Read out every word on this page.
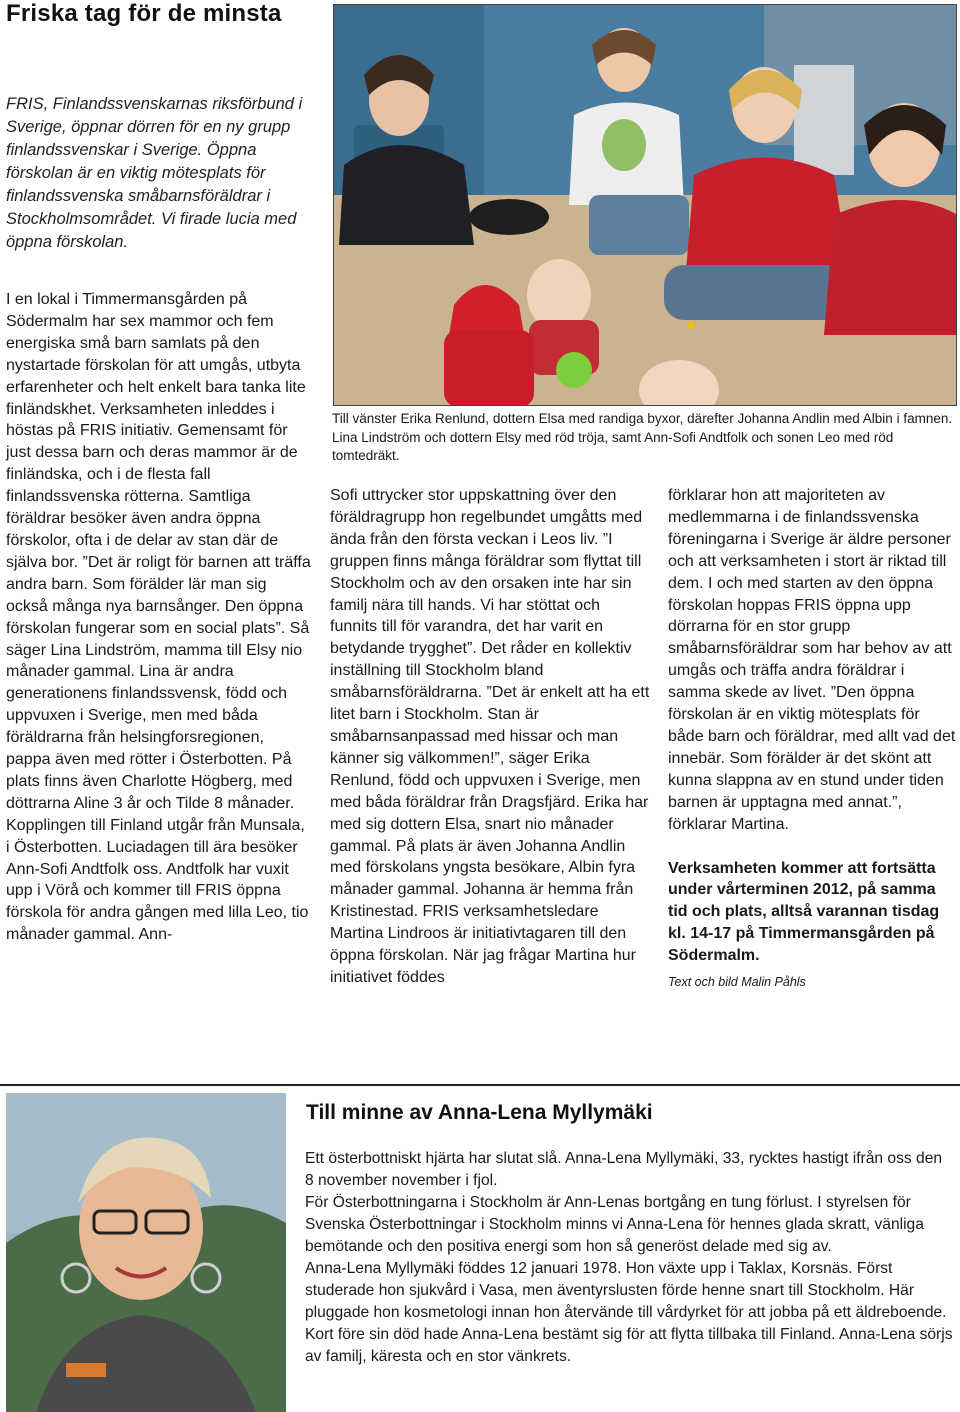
Friska tag för de minsta

FRIS, Finlandssvenskarnas riksförbund i Sverige, öppnar dörren för en ny grupp finlandssvenskar i Sverige. Öppna förskolan är en viktig mötesplats för finlandssvenska småbarnsföräldrar i Stockholmsområdet. Vi firade lucia med öppna förskolan.

I en lokal i Timmermansgården på Södermalm har sex mammor och fem energiska små barn samlats på den nystartade förskolan för att umgås, utbyta erfarenheter och helt enkelt bara tanka lite finländskhet. Verksamheten inleddes i höstas på FRIS initiativ. Gemensamt för just dessa barn och deras mammor är de finländska, och i de flesta fall finlandssvenska rötterna. Samtliga föräldrar besöker även andra öppna förskolor, ofta i de delar av stan där de själva bor. ”Det är roligt för barnen att träffa andra barn. Som förälder lär man sig också många nya barnsånger. Den öppna förskolan fungerar som en social plats”. Så säger Lina Lindström, mamma till Elsy nio månader gammal. Lina är andra generationens finlandssvensk, född och uppvuxen i Sverige, men med båda föräldrarna från helsingforsregionen, pappa även med rötter i Österbotten. På plats finns även Charlotte Högberg, med döttrarna Aline 3 år och Tilde 8 månader. Kopplingen till Finland utgår från Munsala, i Österbotten. Luciadagen till ära besöker Ann-Sofi Andtfolk oss. Andtfolk har vuxit upp i Vörå och kommer till FRIS öppna förskola för andra gången med lilla Leo, tio månader gammal. Ann-

Till vänster Erika Renlund, dottern Elsa med randiga byxor, därefter Johanna Andlin med Albin i famnen. Lina Lindström och dottern Elsy med röd tröja, samt Ann-Sofi Andtfolk och sonen Leo med röd tomtedräkt.

Sofi uttrycker stor uppskattning över den föräldragrupp hon regelbundet umgåtts med ända från den första veckan i Leos liv. ”I gruppen finns många föräldrar som flyttat till Stockholm och av den orsaken inte har sin familj nära till hands. Vi har stöttat och funnits till för varandra, det har varit en betydande trygghet”. Det råder en kollektiv inställning till Stockholm bland småbarnsföräldrarna. ”Det är enkelt att ha ett litet barn i Stockholm. Stan är småbarnsanpassad med hissar och man känner sig välkommen!”, säger Erika Renlund, född och uppvuxen i Sverige, men med båda föräldrar från Dragsfjärd. Erika har med sig dottern Elsa, snart nio månader gammal. På plats är även Johanna Andlin med förskolans yngsta besökare, Albin fyra månader gammal. Johanna är hemma från Kristinestad. FRIS verksamhetsledare Martina Lindroos är initiativtagaren till den öppna förskolan. När jag frågar Martina hur initiativet föddes

förklarar hon att majoriteten av medlemmarna i de finlandssvenska föreningarna i Sverige är äldre personer och att verksamheten i stort är riktad till dem. I och med starten av den öppna förskolan hoppas FRIS öppna upp dörrarna för en stor grupp småbarnsföräldrar som har behov av att umgås och träffa andra föräldrar i samma skede av livet. ”Den öppna förskolan är en viktig mötesplats för både barn och föräldrar, med allt vad det innebär. Som förälder är det skönt att kunna slappna av en stund under tiden barnen är upptagna med annat.”, förklarar Martina.

Verksamheten kommer att fortsätta under vårterminen 2012, på samma tid och plats, alltså varannan tisdag kl. 14-17 på Timmermansgården på Södermalm.

Text och bild Malin Påhls
Till minne av Anna-Lena Myllymäki
Ett österbottniskt hjärta har slutat slå. Anna-Lena Myllymäki, 33, rycktes hastigt ifrån oss den 8 november november i fjol.
För Österbottningarna i Stockholm är Ann-Lenas bortgång en tung förlust. I styrelsen för Svenska Österbottningar i Stockholm minns vi Anna-Lena för hennes glada skratt, vänliga bemötande och den positiva energi som hon så generöst delade med sig av.
Anna-Lena Myllymäki föddes 12 januari 1978. Hon växte upp i Taklax, Korsnäs. Först studerade hon sjukvård i Vasa, men äventyrslusten förde henne snart till Stockholm. Här pluggade hon kosmetologi innan hon återvände till vårdyrket för att jobba på ett äldreboende.
Kort före sin död hade Anna-Lena bestämt sig för att flytta tillbaka till Finland. Anna-Lena sörjs av familj, käresta och en stor vänkrets.
